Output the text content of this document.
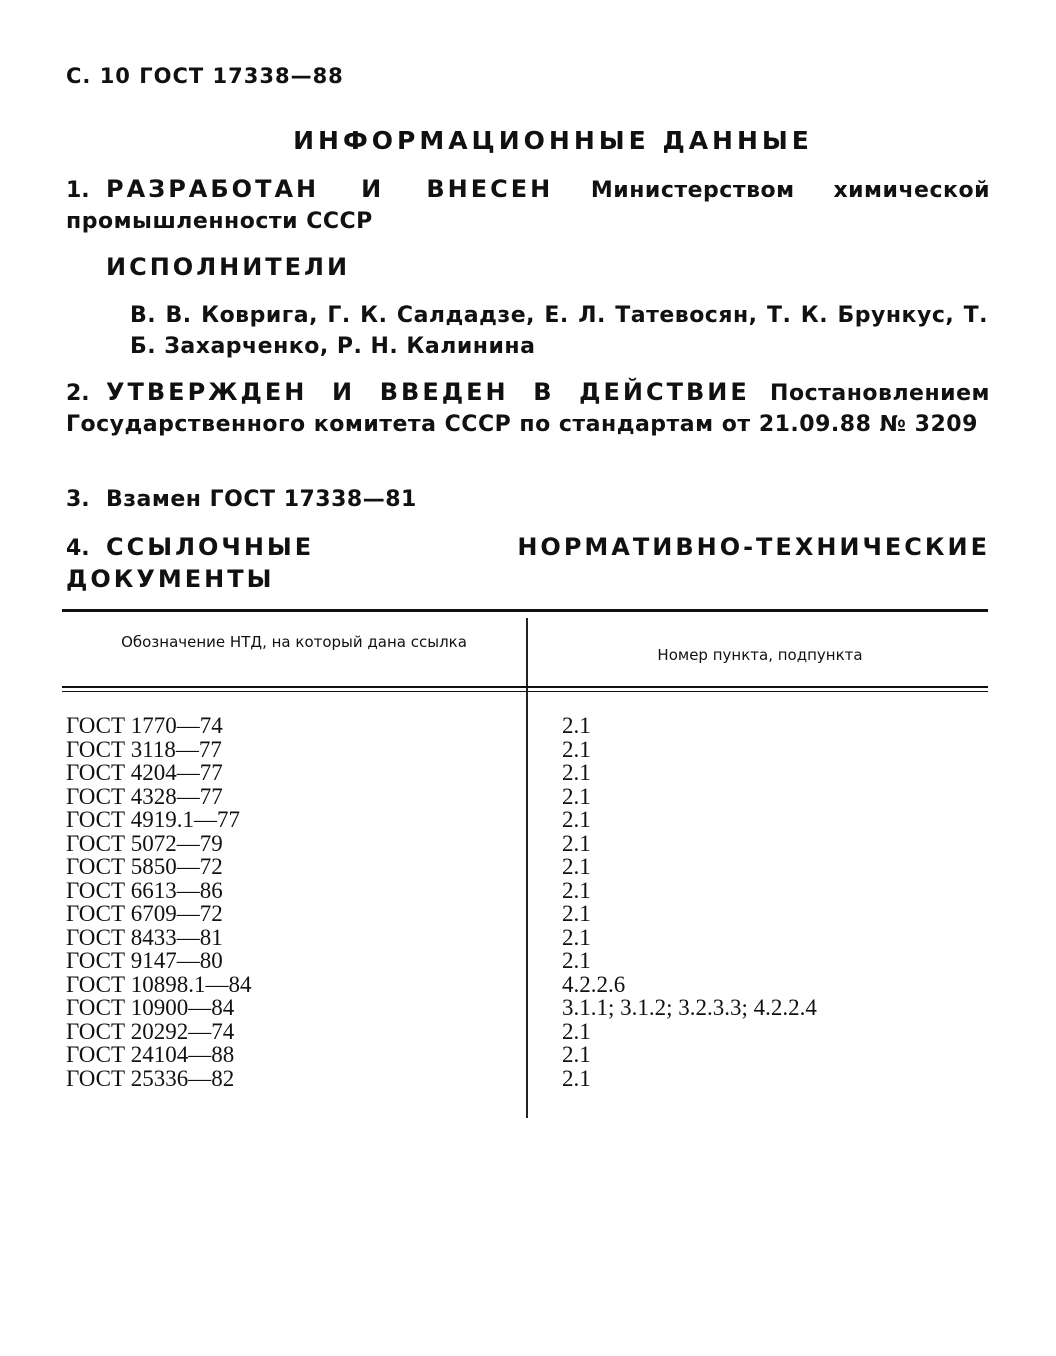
С. 10 ГОСТ 17338—88
ИНФОРМАЦИОННЫЕ ДАННЫЕ
1. РАЗРАБОТАН И ВНЕСЕН Министерством химической промышленности СССР
ИСПОЛНИТЕЛИ
В. В. Коврига, Г. К. Салдадзе, Е. Л. Татевосян, Т. К. Брункус, Т. Б. Захарченко, Р. Н. Калинина
2. УТВЕРЖДЕН И ВВЕДЕН В ДЕЙСТВИЕ Постановлением Государственного комитета СССР по стандартам от 21.09.88 № 3209
3. Взамен ГОСТ 17338—81
4. ССЫЛОЧНЫЕ НОРМАТИВНО-ТЕХНИЧЕСКИЕ ДОКУМЕНТЫ
Обозначение НТД, на который дана ссылка
Номер пункта, подпункта
ГОСТ 1770—74
ГОСТ 3118—77
ГОСТ 4204—77
ГОСТ 4328—77
ГОСТ 4919.1—77
ГОСТ 5072—79
ГОСТ 5850—72
ГОСТ 6613—86
ГОСТ 6709—72
ГОСТ 8433—81
ГОСТ 9147—80
ГОСТ 10898.1—84
ГОСТ 10900—84
ГОСТ 20292—74
ГОСТ 24104—88
ГОСТ 25336—82
2.1
2.1
2.1
2.1
2.1
2.1
2.1
2.1
2.1
2.1
2.1
4.2.2.6
3.1.1; 3.1.2; 3.2.3.3; 4.2.2.4
2.1
2.1
2.1
